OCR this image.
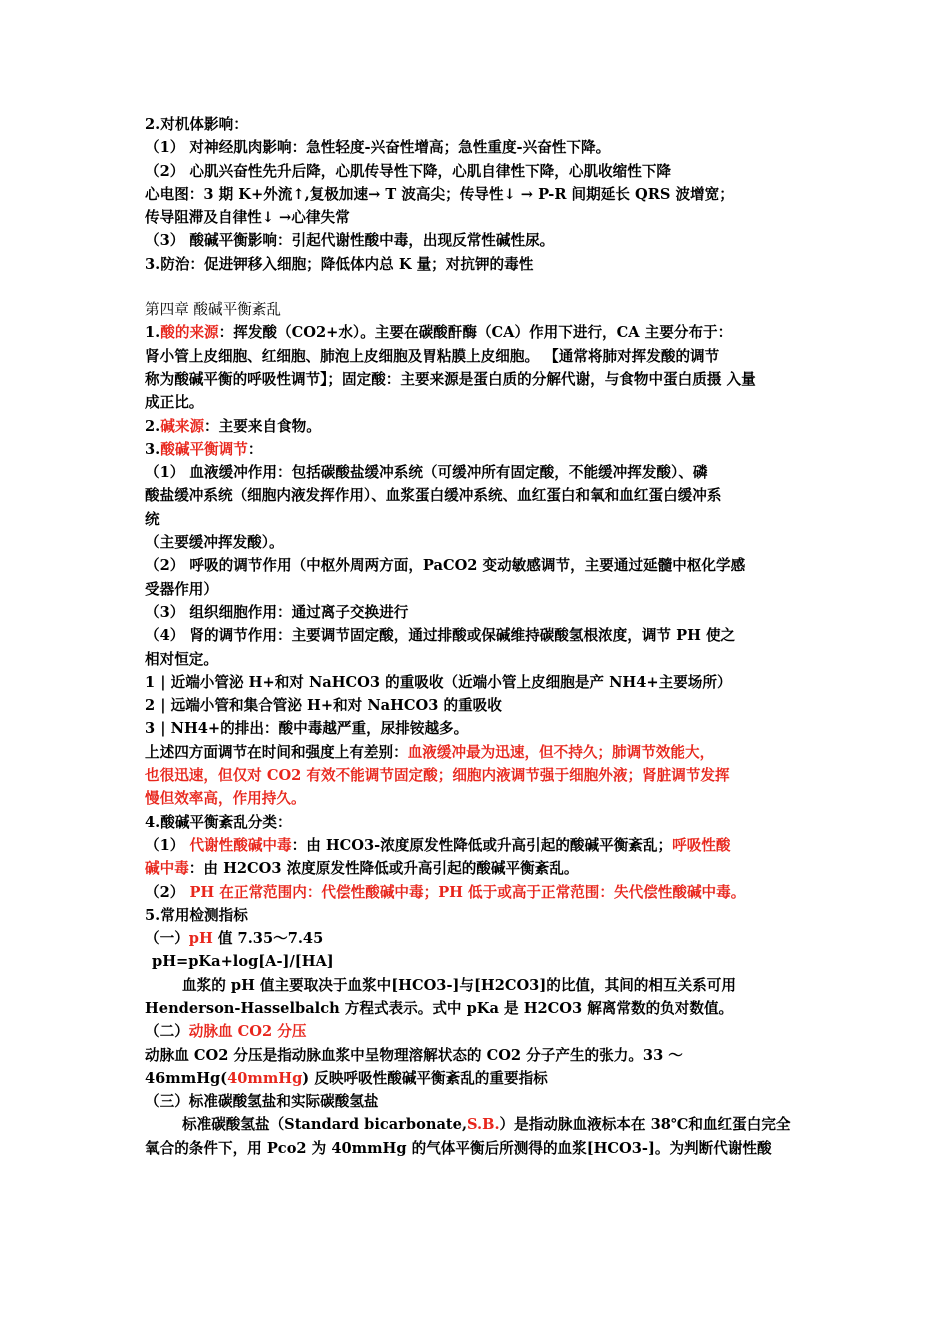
2.对机体影响：
（1） 对神经肌肉影响：急性轻度-兴奋性增高；急性重度-兴奋性下降。
（2） 心肌兴奋性先升后降，心肌传导性下降，心肌自律性下降，心肌收缩性下降
心电图：3 期 K+外流↑,复极加速→ T 波高尖；传导性↓ → P-R 间期延长 QRS 波增宽；
传导阻滞及自律性↓ →心律失常
（3） 酸碱平衡影响：引起代谢性酸中毒，出现反常性碱性尿。
3.防治：促进钾移入细胞；降低体内总 K 量；对抗钾的毒性
第四章 酸碱平衡紊乱
1.酸的来源：挥发酸（CO2+水）。主要在碳酸酐酶（CA）作用下进行，CA 主要分布于：
肾小管上皮细胞、红细胞、肺泡上皮细胞及胃粘膜上皮细胞。 【通常将肺对挥发酸的调节
称为酸碱平衡的呼吸性调节】；固定酸：主要来源是蛋白质的分解代谢，与食物中蛋白质摄 入量
成正比。
2.碱来源：主要来自食物。
3.酸碱平衡调节：
（1） 血液缓冲作用：包括碳酸盐缓冲系统（可缓冲所有固定酸，不能缓冲挥发酸）、磷
酸盐缓冲系统（细胞内液发挥作用）、血浆蛋白缓冲系统、血红蛋白和氧和血红蛋白缓冲系
统
（主要缓冲挥发酸）。
（2） 呼吸的调节作用（中枢外周两方面，PaCO2 变动敏感调节，主要通过延髓中枢化学感
受器作用）
（3） 组织细胞作用：通过离子交换进行
（4） 肾的调节作用：主要调节固定酸，通过排酸或保碱维持碳酸氢根浓度，调节 PH 使之
相对恒定。
1 | 近端小管泌 H+和对 NaHCO3 的重吸收（近端小管上皮细胞是产 NH4+主要场所）
2 | 远端小管和集合管泌 H+和对 NaHCO3 的重吸收
3 | NH4+的排出：酸中毒越严重，尿排铵越多。
上述四方面调节在时间和强度上有差别：血液缓冲最为迅速，但不持久；肺调节效能大，
也很迅速，但仅对 CO2 有效不能调节固定酸；细胞内液调节强于细胞外液；肾脏调节发挥
慢但效率高，作用持久。
4.酸碱平衡紊乱分类：
（1） 代谢性酸碱中毒：由 HCO3-浓度原发性降低或升高引起的酸碱平衡紊乱；呼吸性酸
碱中毒：由 H2CO3 浓度原发性降低或升高引起的酸碱平衡紊乱。
（2） PH 在正常范围内：代偿性酸碱中毒；PH 低于或高于正常范围：失代偿性酸碱中毒。
5.常用检测指标
（一）pH 值 7.35～7.45
pH=pKa+log[A-]/[HA]
血浆的 pH 值主要取决于血浆中[HCO3-]与[H2CO3]的比值，其间的相互关系可用
Henderson-Hasselbalch 方程式表示。式中 pKa 是 H2CO3 解离常数的负对数值。
（二）动脉血 CO2 分压
动脉血 CO2 分压是指动脉血浆中呈物理溶解状态的 CO2 分子产生的张力。33 ～
46mmHg(40mmHg) 反映呼吸性酸碱平衡紊乱的重要指标
（三）标准碳酸氢盐和实际碳酸氢盐
标准碳酸氢盐（Standard bicarbonate,S.B.）是指动脉血液标本在 38℃和血红蛋白完全
氧合的条件下，用 Pco2 为 40mmHg 的气体平衡后所测得的血浆[HCO3-]。为判断代谢性酸
